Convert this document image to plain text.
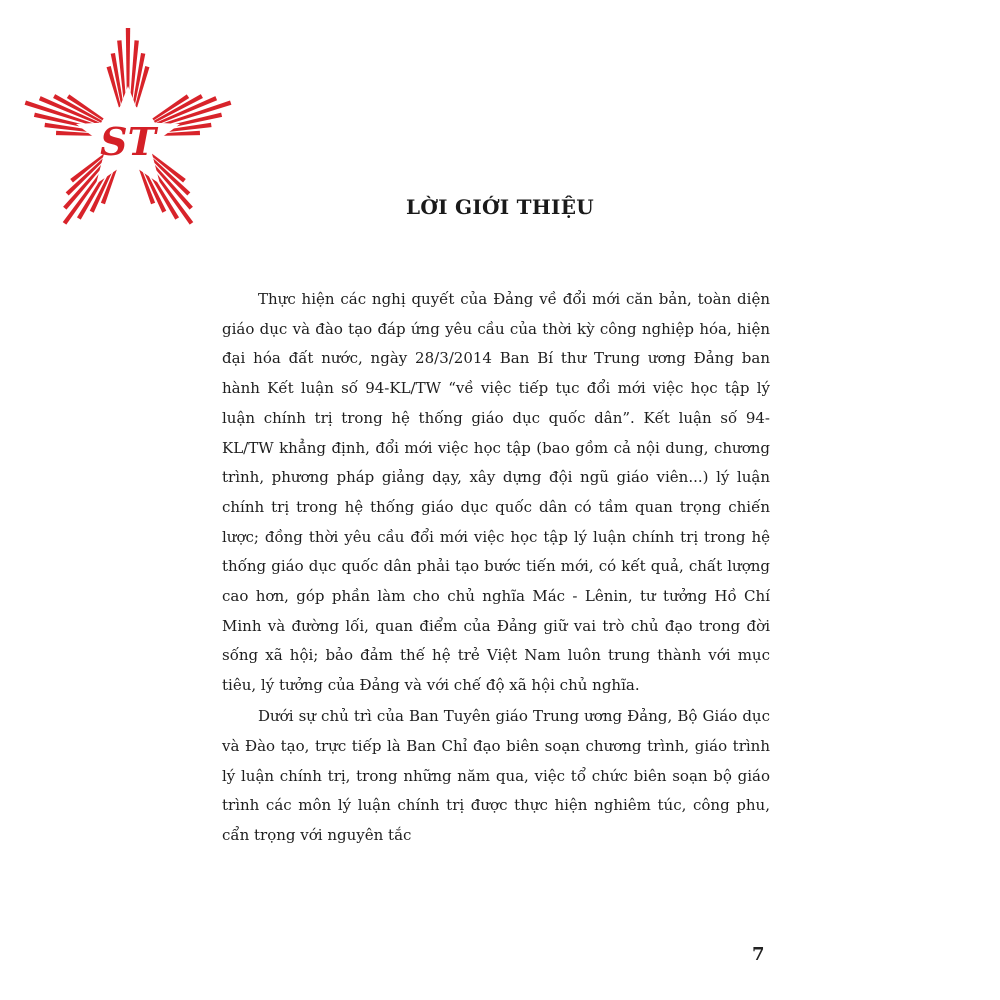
ST
LỜI GIỚI THIỆU

Thực hiện các nghị quyết của Đảng về đổi mới căn bản, toàn diện giáo dục và đào tạo đáp ứng yêu cầu của thời kỳ công nghiệp hóa, hiện đại hóa đất nước, ngày 28/3/2014 Ban Bí thư Trung ương Đảng ban hành Kết luận số 94-KL/TW “về việc tiếp tục đổi mới việc học tập lý luận chính trị trong hệ thống giáo dục quốc dân”. Kết luận số 94-KL/TW khẳng định, đổi mới việc học tập (bao gồm cả nội dung, chương trình, phương pháp giảng dạy, xây dựng đội ngũ giáo viên...) lý luận chính trị trong hệ thống giáo dục quốc dân có tầm quan trọng chiến lược; đồng thời yêu cầu đổi mới việc học tập lý luận chính trị trong hệ thống giáo dục quốc dân phải tạo bước tiến mới, có kết quả, chất lượng cao hơn, góp phần làm cho chủ nghĩa Mác - Lênin, tư tưởng Hồ Chí Minh và đường lối, quan điểm của Đảng giữ vai trò chủ đạo trong đời sống xã hội; bảo đảm thế hệ trẻ Việt Nam luôn trung thành với mục tiêu, lý tưởng của Đảng và với chế độ xã hội chủ nghĩa.

Dưới sự chủ trì của Ban Tuyên giáo Trung ương Đảng, Bộ Giáo dục và Đào tạo, trực tiếp là Ban Chỉ đạo biên soạn chương trình, giáo trình lý luận chính trị, trong những năm qua, việc tổ chức biên soạn bộ giáo trình các môn lý luận chính trị được thực hiện nghiêm túc, công phu, cẩn trọng với nguyên tắc

7
